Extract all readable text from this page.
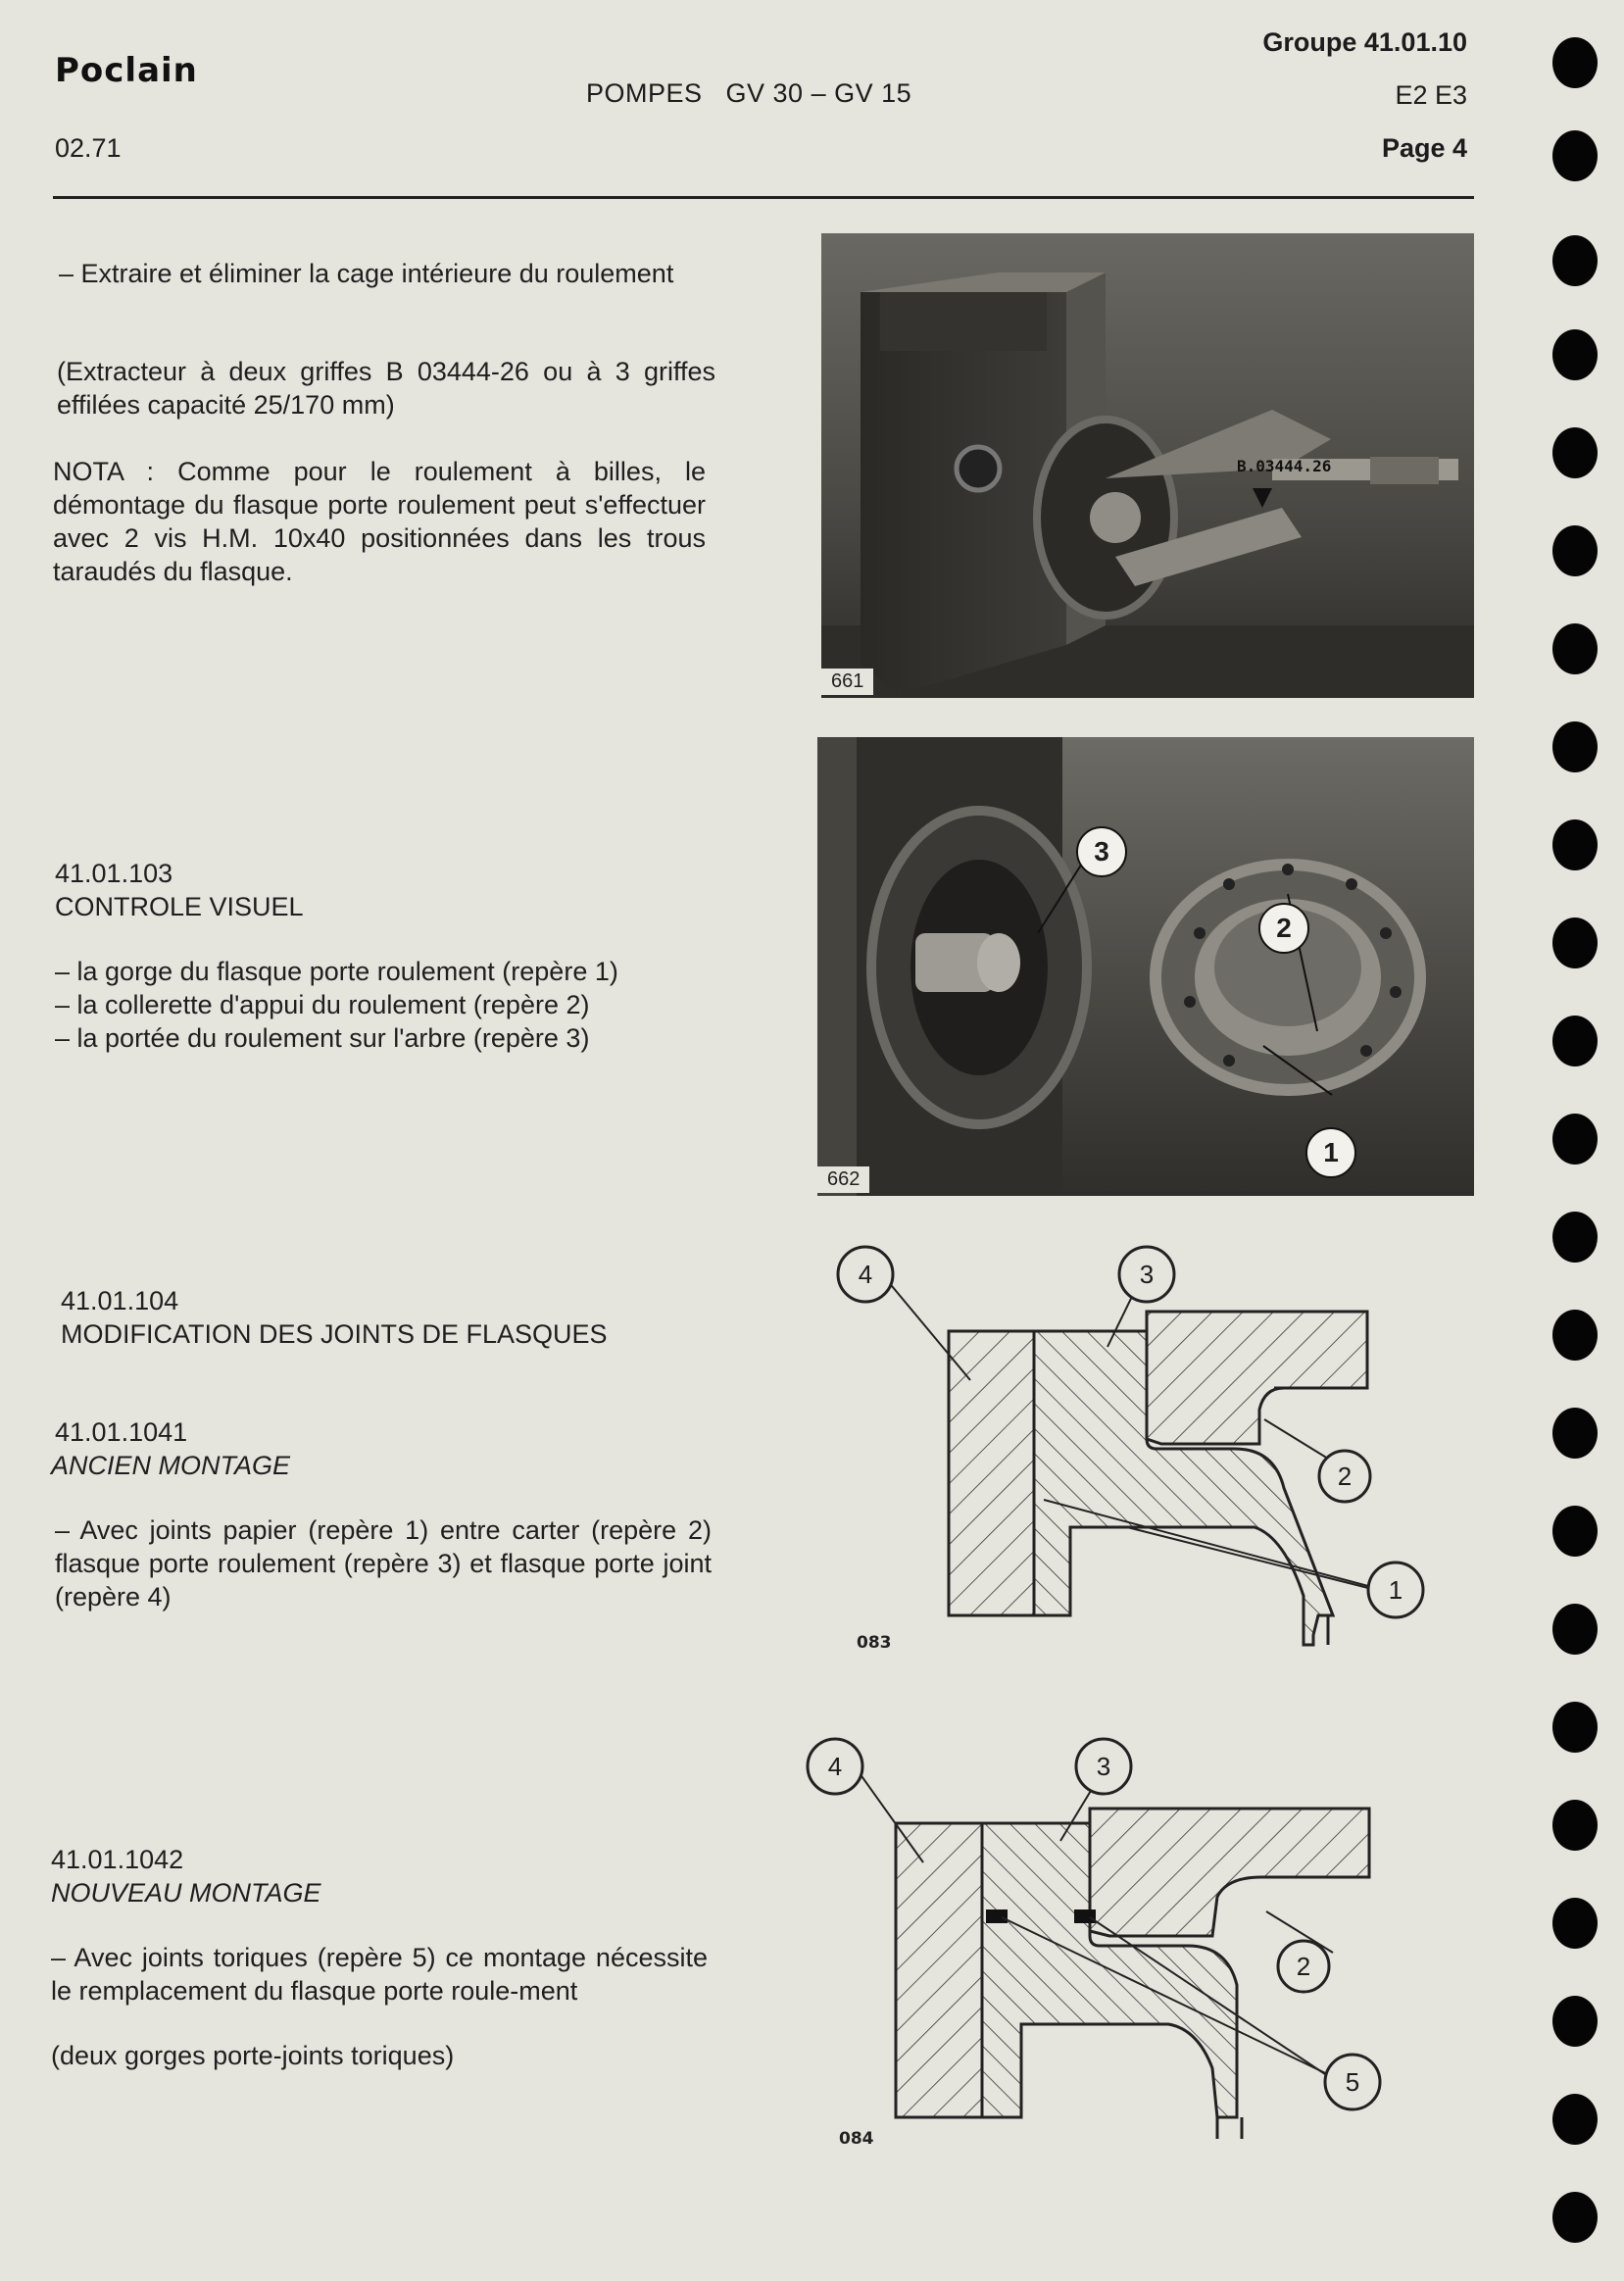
Poclain
02.71
POMPES   GV 30 – GV 15
Groupe 41.01.10
E2 E3
Page 4
– Extraire et éliminer la cage intérieure du roulement
(Extracteur à deux griffes B 03444-26 ou à 3 griffes effilées capacité 25/170 mm)
NOTA : Comme pour le roulement à billes, le démontage du flasque porte roulement peut s'effectuer avec 2 vis H.M. 10x40 positionnées dans les trous taraudés du flasque.
41.01.103
CONTROLE VISUEL
– la gorge du flasque porte roulement (repère 1)
– la collerette d'appui du roulement (repère 2)
– la portée du roulement sur l'arbre (repère 3)
41.01.104
MODIFICATION DES JOINTS DE FLASQUES
41.01.1041
ANCIEN MONTAGE
– Avec joints papier (repère 1) entre carter (repère 2) flasque porte roulement (repère 3) et flasque porte joint (repère 4)
41.01.1042
NOUVEAU MONTAGE
– Avec joints toriques (repère 5) ce montage nécessite le remplacement du flasque porte roule-ment
(deux gorges porte-joints toriques)
B.03444.26
661
3
2
1
662
4	3
2
1
083
4	3
2
5
084
